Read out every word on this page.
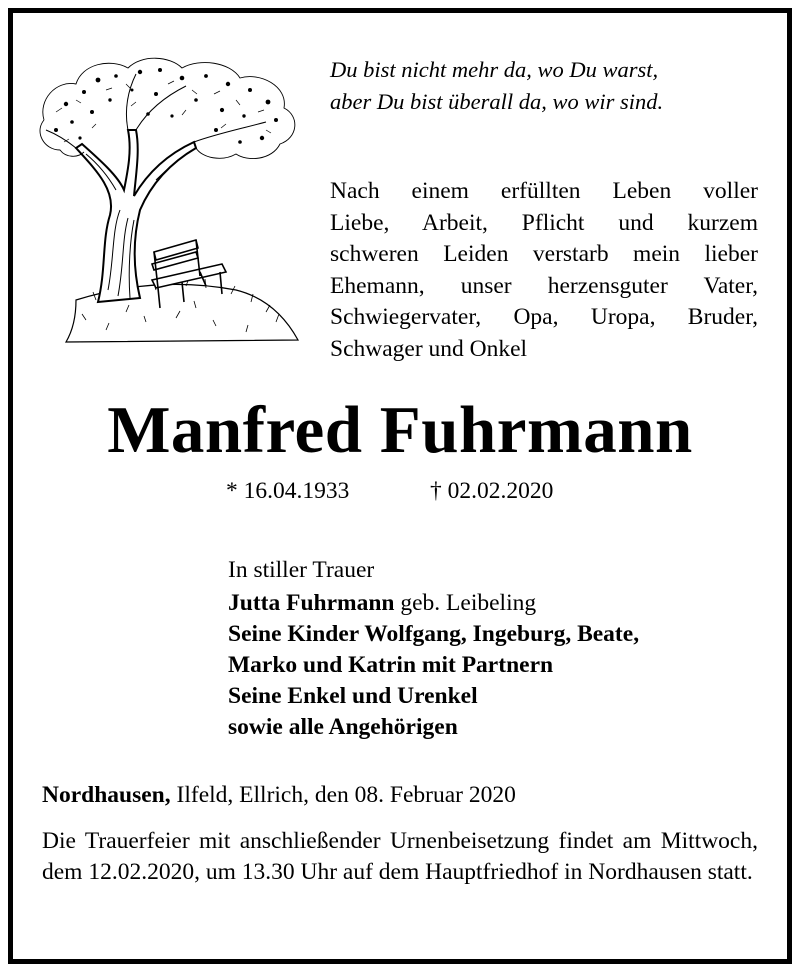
Du bist nicht mehr da, wo Du warst,
aber Du bist überall da, wo wir sind.
Nach einem erfüllten Leben voller
Liebe, Arbeit, Pflicht und kurzem
schweren Leiden verstarb mein lieber
Ehemann, unser herzensguter Vater,
Schwiegervater, Opa, Uropa, Bruder,
Schwager und Onkel
Manfred Fuhrmann
* 16.04.1933	† 02.02.2020
In stiller Trauer
Jutta Fuhrmann geb. Leibeling
Seine Kinder Wolfgang, Ingeburg, Beate,
Marko und Katrin mit Partnern
Seine Enkel und Urenkel
sowie alle Angehörigen
Nordhausen, Ilfeld, Ellrich, den 08. Februar 2020
Die Trauerfeier mit anschließender Urnenbeisetzung findet am Mittwoch, dem 12.02.2020, um 13.30 Uhr auf dem Hauptfriedhof in Nordhausen statt.
